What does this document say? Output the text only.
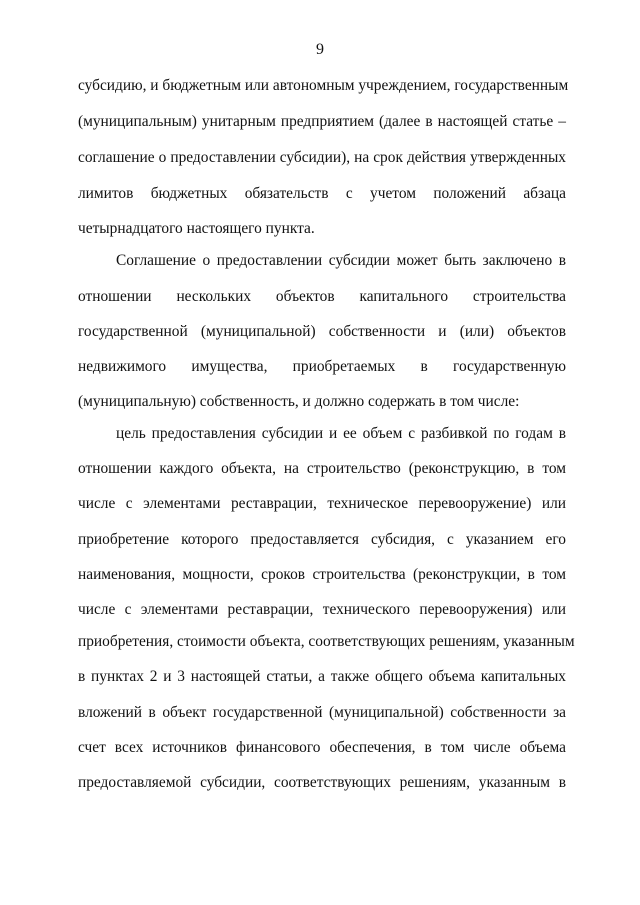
9
субсидию, и бюджетным или автономным учреждением, государственным
(муниципальным) унитарным предприятием (далее в настоящей статье –
соглашение о предоставлении субсидии), на срок действия утвержденных
лимитов бюджетных обязательств с учетом положений абзаца
четырнадцатого настоящего пункта.
Соглашение о предоставлении субсидии может быть заключено в
отношении нескольких объектов капитального строительства
государственной (муниципальной) собственности и (или) объектов
недвижимого имущества, приобретаемых в государственную
(муниципальную) собственность, и должно содержать в том числе:
цель предоставления субсидии и ее объем с разбивкой по годам в
отношении каждого объекта, на строительство (реконструкцию, в том
числе с элементами реставрации, техническое перевооружение) или
приобретение которого предоставляется субсидия, с указанием его
наименования, мощности, сроков строительства (реконструкции, в том
числе с элементами реставрации, технического перевооружения) или
приобретения, стоимости объекта, соответствующих решениям, указанным
в пунктах 2 и 3 настоящей статьи, а также общего объема капитальных
вложений в объект государственной (муниципальной) собственности за
счет всех источников финансового обеспечения, в том числе объема
предоставляемой субсидии, соответствующих решениям, указанным в
